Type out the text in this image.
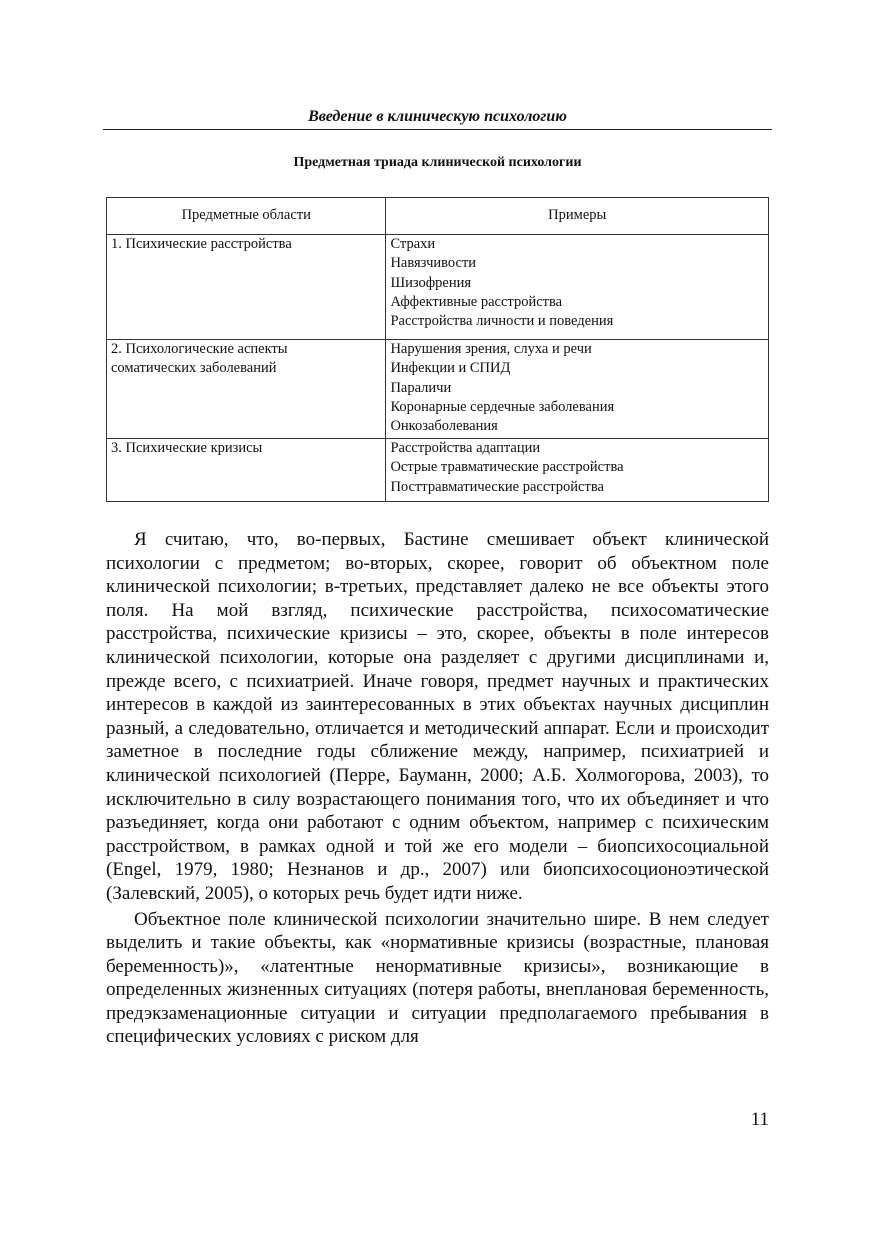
Введение в клиническую психологию
Предметная триада клинической психологии
Предметные области	Примеры

1. Психические расстройства	Страхи
Навязчивости
Шизофрения
Аффективные расстройства
Расстройства личности и поведения

2. Психологические аспекты
соматических заболеваний	Нарушения зрения, слуха и речи
Инфекции и СПИД
Параличи
Коронарные сердечные заболевания
Онкозаболевания

3. Психические кризисы	Расстройства адаптации
Острые травматические расстройства
Посттравматические расстройства

Я считаю, что, во-первых, Бастине смешивает объект клинической психологии с предметом; во-вторых, скорее, говорит об объектном поле клинической психологии; в-третьих, представляет далеко не все объекты этого поля. На мой взгляд, психические расстройства, психосоматические расстройства, психические кризисы – это, скорее, объекты в поле интересов клинической психологии, которые она разделяет с другими дисциплинами и, прежде всего, с психиатрией. Иначе говоря, предмет научных и практических интересов в каждой из заинтересованных в этих объектах научных дисциплин разный, а следовательно, отличается и методический аппарат. Если и происходит заметное в последние годы сближение между, например, психиатрией и клинической психологией (Перре, Бауманн, 2000; А.Б. Холмогорова, 2003), то исключительно в силу возрастающего понимания того, что их объединяет и что разъединяет, когда они работают с одним объектом, например с психическим расстройством, в рамках одной и той же его модели – биопсихосоциальной (Engel, 1979, 1980; Незнанов и др., 2007) или биопсихосоционоэтической (Залевский, 2005), о которых речь будет идти ниже.

Объектное поле клинической психологии значительно шире. В нем следует выделить и такие объекты, как «нормативные кризисы (возрастные, плановая беременность)», «латентные ненормативные кризисы», возникающие в определенных жизненных ситуациях (потеря работы, внеплановая беременность, предэкзаменационные ситуации и ситуации предполагаемого пребывания в специфических условиях с риском для

11
